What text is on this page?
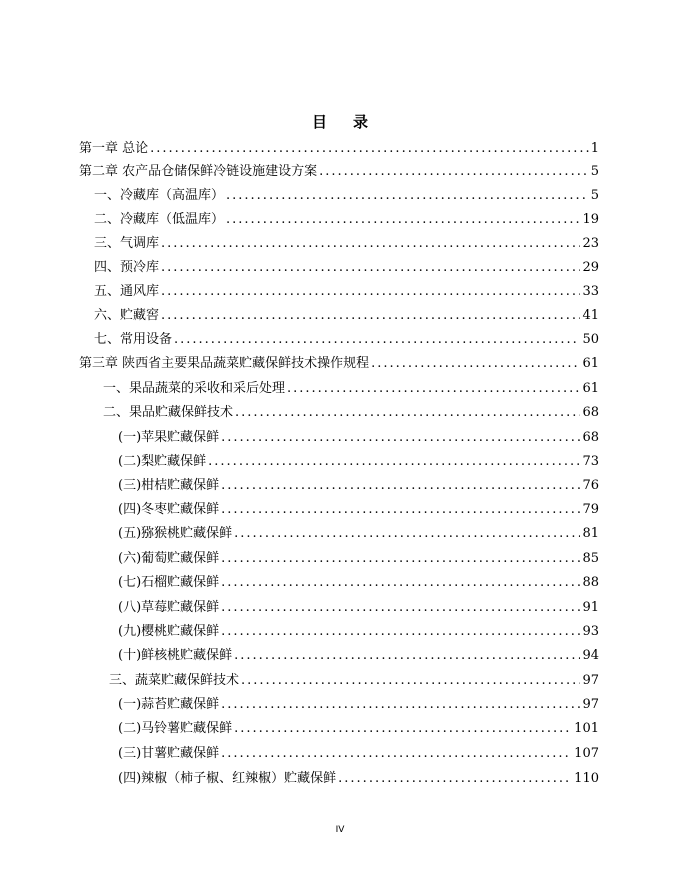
目 录
第一章 总论 .....	1
第二章 农产品仓储保鲜冷链设施建设方案 .....	5
一、冷藏库（高温库） .....	5
二、冷藏库（低温库） .....	19
三、气调库 .....	23
四、预冷库 .....	29
五、通风库 .....	33
六、贮藏窖 .....	41
七、常用设备 .....	50
第三章 陕西省主要果品蔬菜贮藏保鲜技术操作规程 .....	61
一、果品蔬菜的采收和采后处理 .....	61
二、果品贮藏保鲜技术 .....	68
(一)苹果贮藏保鲜 .....	68
(二)梨贮藏保鲜 .....	73
(三)柑桔贮藏保鲜 .....	76
(四)冬枣贮藏保鲜 .....	79
(五)猕猴桃贮藏保鲜 .....	81
(六)葡萄贮藏保鲜 .....	85
(七)石榴贮藏保鲜 .....	88
(八)草莓贮藏保鲜 .....	91
(九)樱桃贮藏保鲜 .....	93
(十)鲜核桃贮藏保鲜 .....	94
三、蔬菜贮藏保鲜技术 .....	97
(一)蒜苔贮藏保鲜 .....	97
(二)马铃薯贮藏保鲜 .....	101
(三)甘薯贮藏保鲜 .....	107
(四)辣椒（柿子椒、红辣椒）贮藏保鲜 .....	110
IV
